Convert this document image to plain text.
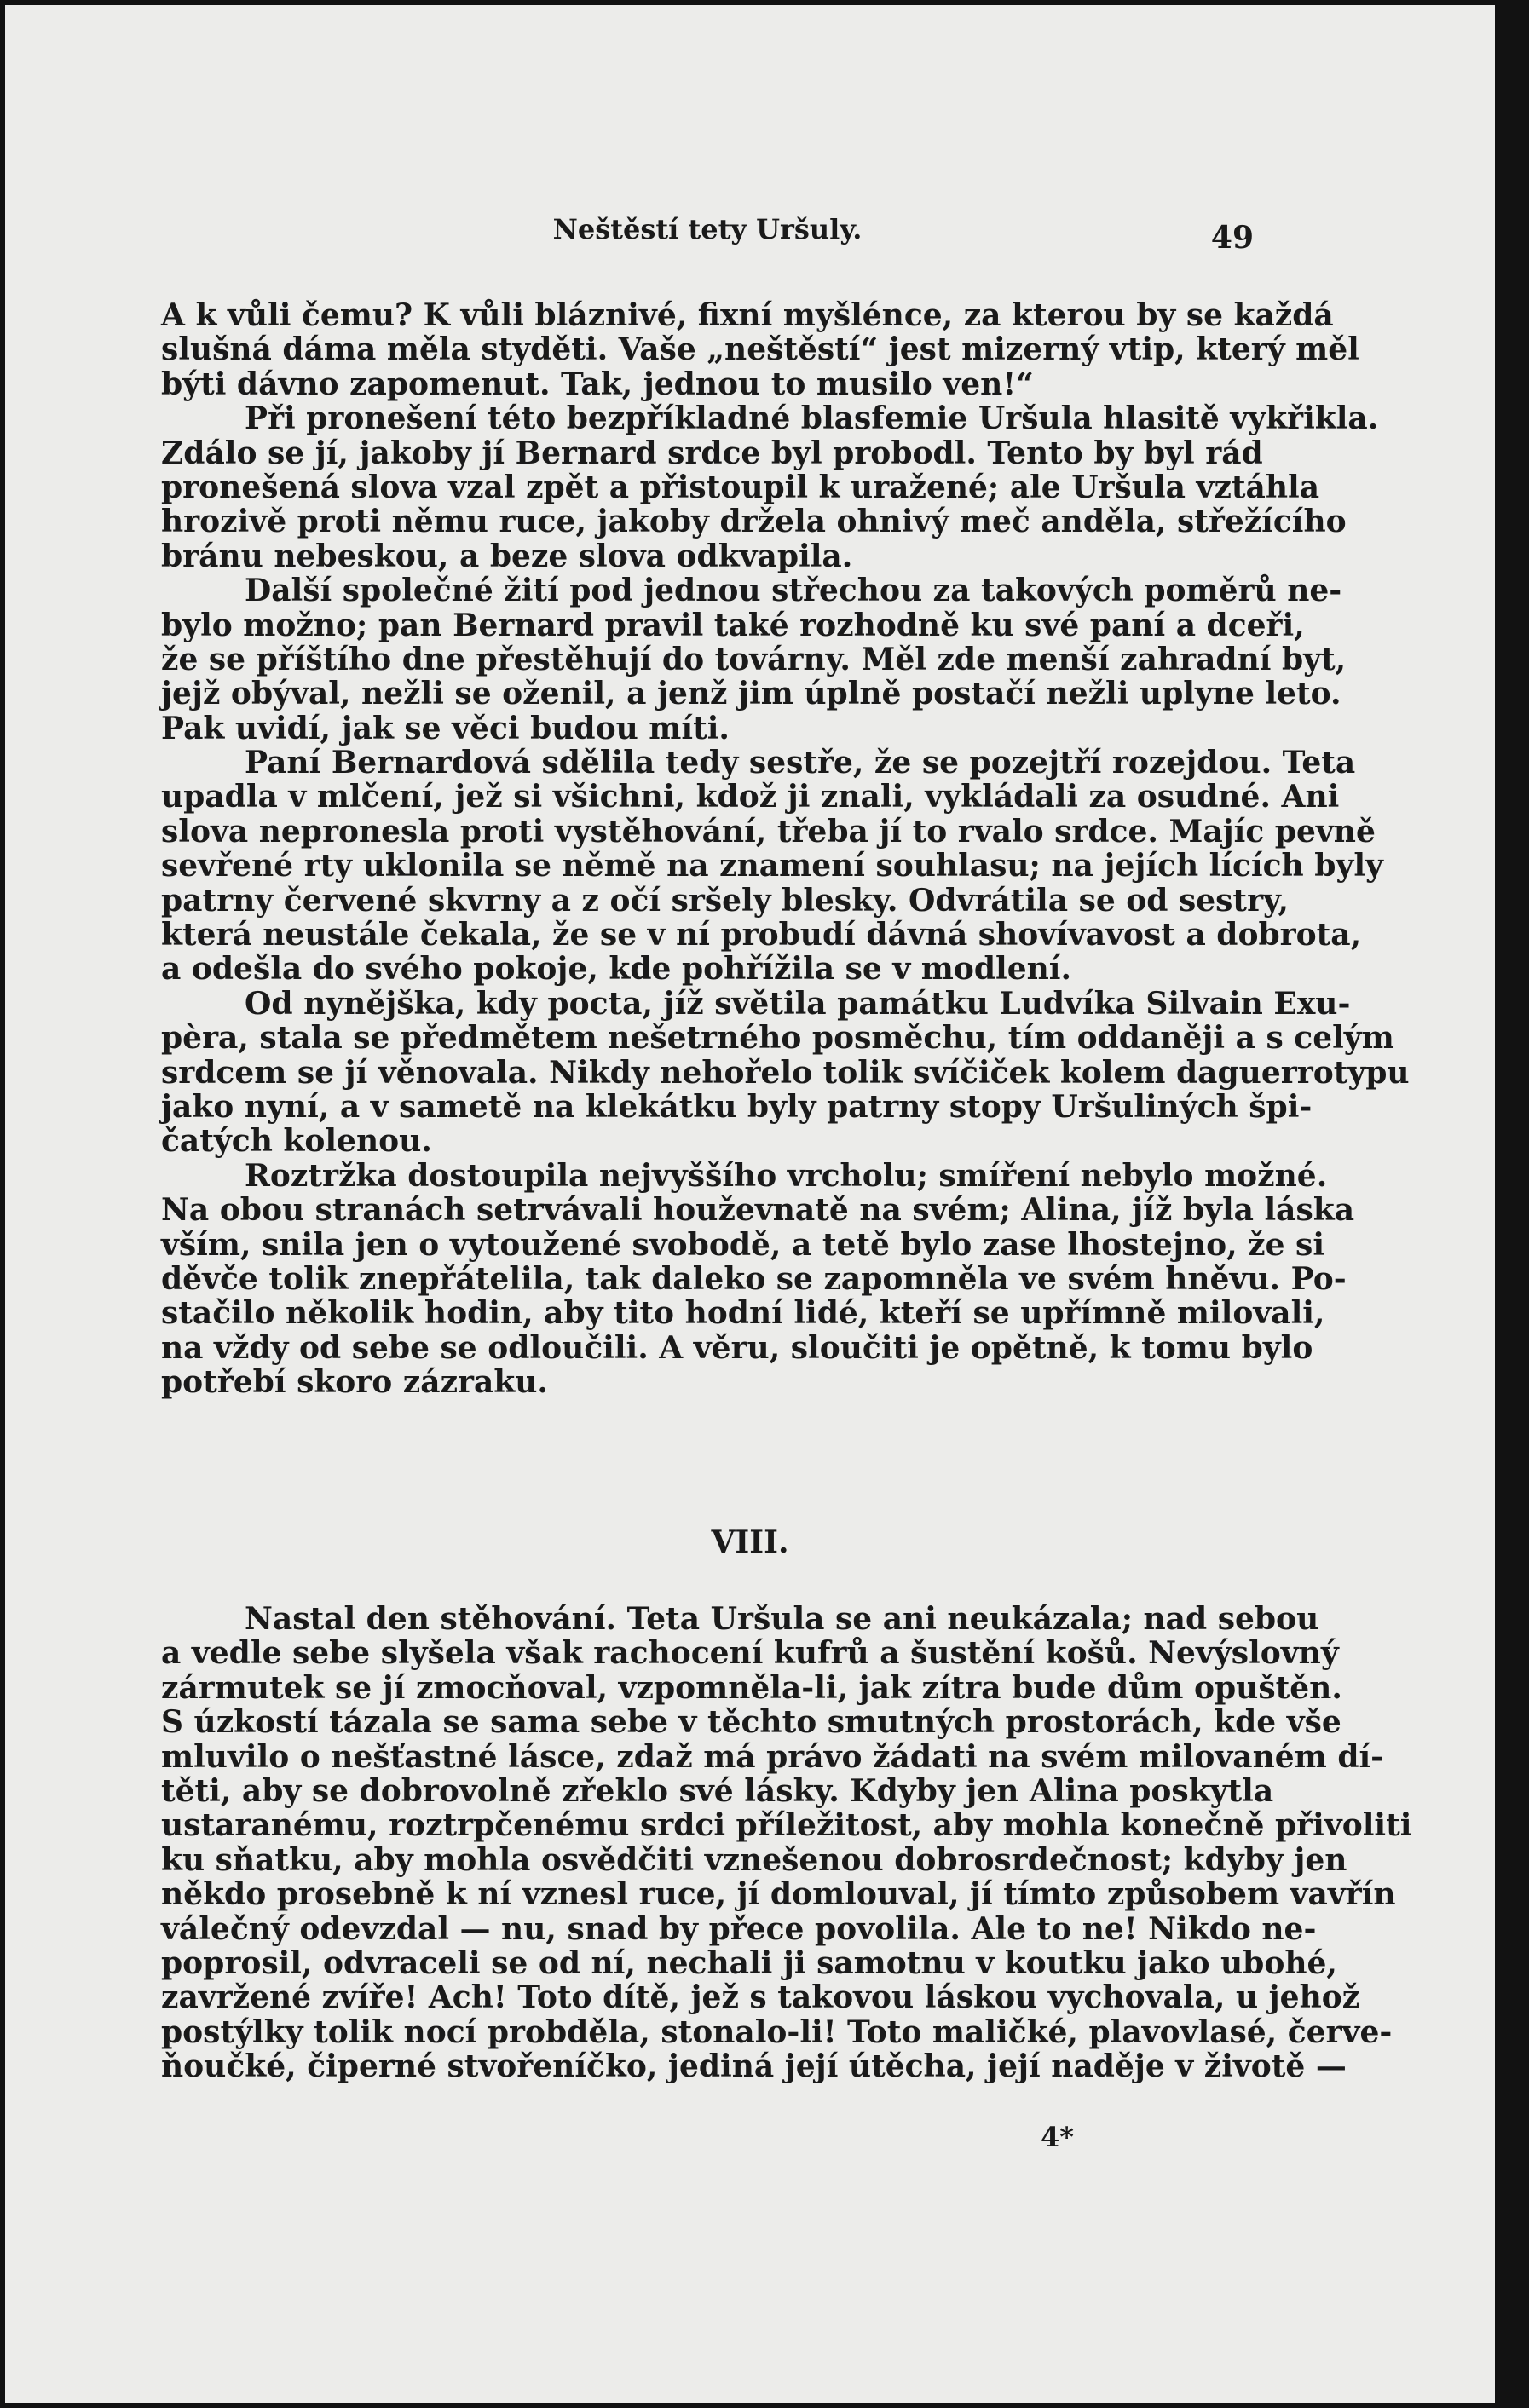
Neštěstí tety Uršuly.	49
A k vůli čemu? K vůli bláznivé, fixní myšlénce, za kterou by se každá
slušná dáma měla styděti. Vaše „neštěstí“ jest mizerný vtip, který měl
býti dávno zapomenut. Tak, jednou to musilo ven!“
Při pronešení této bezpříkladné blasfemie Uršula hlasitě vykřikla.
Zdálo se jí, jakoby jí Bernard srdce byl probodl. Tento by byl rád
pronešená slova vzal zpět a přistoupil k uražené; ale Uršula vztáhla
hrozivě proti němu ruce, jakoby držela ohnivý meč anděla, střežícího
bránu nebeskou, a beze slova odkvapila.
Další společné žití pod jednou střechou za takových poměrů ne-
bylo možno; pan Bernard pravil také rozhodně ku své paní a dceři,
že se příštího dne přestěhují do továrny. Měl zde menší zahradní byt,
jejž obýval, nežli se oženil, a jenž jim úplně postačí nežli uplyne leto.
Pak uvidí, jak se věci budou míti.
Paní Bernardová sdělila tedy sestře, že se pozejtří rozejdou. Teta
upadla v mlčení, jež si všichni, kdož ji znali, vykládali za osudné. Ani
slova nepronesla proti vystěhování, třeba jí to rvalo srdce. Majíc pevně
sevřené rty uklonila se němě na znamení souhlasu; na jejích lících byly
patrny červené skvrny a z očí sršely blesky. Odvrátila se od sestry,
která neustále čekala, že se v ní probudí dávná shovívavost a dobrota,
a odešla do svého pokoje, kde pohřížila se v modlení.
Od nynějška, kdy pocta, jíž světila památku Ludvíka Silvain Exu-
pèra, stala se předmětem nešetrného posměchu, tím oddaněji a s celým
srdcem se jí věnovala. Nikdy nehořelo tolik svíčiček kolem daguerrotypu
jako nyní, a v sametě na klekátku byly patrny stopy Uršuliných špi-
čatých kolenou.
Roztržka dostoupila nejvyššího vrcholu; smíření nebylo možné.
Na obou stranách setrvávali houževnatě na svém; Alina, jíž byla láska
vším, snila jen o vytoužené svobodě, a tetě bylo zase lhostejno, že si
děvče tolik znepřátelila, tak daleko se zapomněla ve svém hněvu. Po-
stačilo několik hodin, aby tito hodní lidé, kteří se upřímně milovali,
na vždy od sebe se odloučili. A věru, sloučiti je opětně, k tomu bylo
potřebí skoro zázraku.
VIII.
Nastal den stěhování. Teta Uršula se ani neukázala; nad sebou
a vedle sebe slyšela však rachocení kufrů a šustění košů. Nevýslovný
zármutek se jí zmocňoval, vzpomněla-li, jak zítra bude dům opuštěn.
S úzkostí tázala se sama sebe v těchto smutných prostorách, kde vše
mluvilo o nešťastné lásce, zdaž má právo žádati na svém milovaném dí-
těti, aby se dobrovolně zřeklo své lásky. Kdyby jen Alina poskytla
ustaranému, roztrpčenému srdci příležitost, aby mohla konečně přivoliti
ku sňatku, aby mohla osvědčiti vznešenou dobrosrdečnost; kdyby jen
někdo prosebně k ní vznesl ruce, jí domlouval, jí tímto způsobem vavřín
válečný odevzdal — nu, snad by přece povolila. Ale to ne! Nikdo ne-
poprosil, odvraceli se od ní, nechali ji samotnu v koutku jako ubohé,
zavržené zvíře! Ach! Toto dítě, jež s takovou láskou vychovala, u jehož
postýlky tolik nocí probděla, stonalo-li! Toto maličké, plavovlasé, červe-
ňoučké, čiperné stvořeníčko, jediná její útěcha, její naděje v životě —
4*
